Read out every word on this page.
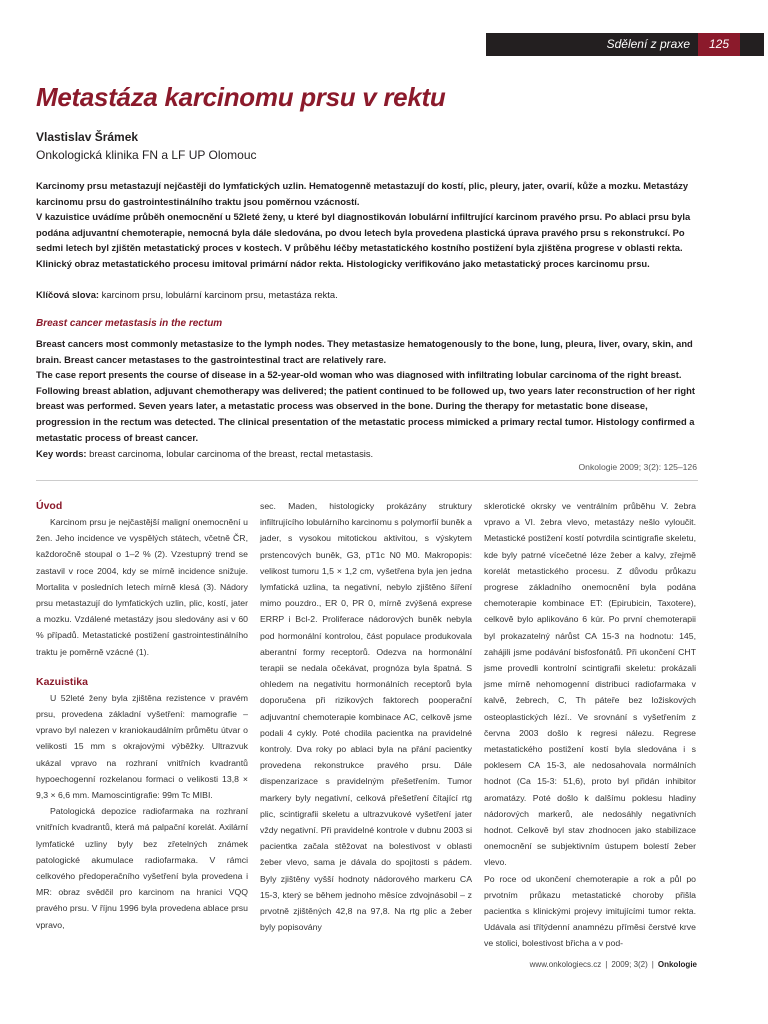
Sdělení z praxe	125
Metastáza karcinomu prsu v rektu
Vlastislav Šrámek
Onkologická klinika FN a LF UP Olomouc

Karcinomy prsu metastazují nejčastěji do lymfatických uzlin. Hematogenně metastazují do kostí, plic, pleury, jater, ovarií, kůže a mozku. Metastázy karcinomu prsu do gastrointestinálního traktu jsou poměrnou vzácností.

V kazuistice uvádíme průběh onemocnění u 52leté ženy, u které byl diagnostikován lobulární infiltrující karcinom pravého prsu. Po ablaci prsu byla podána adjuvantní chemoterapie, nemocná byla dále sledována, po dvou letech byla provedena plastická úprava pravého prsu s rekonstrukcí. Po sedmi letech byl zjištěn metastatický proces v kostech. V průběhu léčby metastatického kostního postižení byla zjištěna progrese v oblasti rekta. Klinický obraz metastatického procesu imitoval primární nádor rekta. Histologicky verifikováno jako metastatický proces karcinomu prsu.

Klíčová slova: karcinom prsu, lobulární karcinom prsu, metastáza rekta.

Breast cancer metastasis in the rectum

Breast cancers most commonly metastasize to the lymph nodes. They metastasize hematogenously to the bone, lung, pleura, liver, ovary, skin, and brain. Breast cancer metastases to the gastrointestinal tract are relatively rare.

The case report presents the course of disease in a 52-year-old woman who was diagnosed with infiltrating lobular carcinoma of the right breast. Following breast ablation, adjuvant chemotherapy was delivered; the patient continued to be followed up, two years later reconstruction of her right breast was performed. Seven years later, a metastatic process was observed in the bone. During the therapy for metastatic bone disease, progression in the rectum was detected. The clinical presentation of the metastatic process mimicked a primary rectal tumor. Histology confirmed a metastatic process of breast cancer.

Key words: breast carcinoma, lobular carcinoma of the breast, rectal metastasis.

Onkologie 2009; 3(2): 125–126
Úvod

Karcinom prsu je nejčastější maligní onemocnění u žen. Jeho incidence ve vyspělých státech, včetně ČR, každoročně stoupal o 1–2 % (2). Vzestupný trend se zastavil v roce 2004, kdy se mírně incidence snižuje. Mortalita v posledních letech mírně klesá (3). Nádory prsu metastazují do lymfatických uzlin, plic, kostí, jater a mozku. Vzdálené metastázy jsou sledovány asi v 60 % případů. Metastatické postižení gastrointestinálního traktu je poměrně vzácné (1).

Kazuistika

U 52leté ženy byla zjištěna rezistence v pravém prsu, provedena základní vyšetření: mamografie – vpravo byl nalezen v kraniokaudálním průmětu útvar o velikosti 15 mm s okrajovými výběžky. Ultrazvuk ukázal vpravo na rozhraní vnitřních kvadrantů hypoechogenní rozkelanou formaci o velikosti 13,8 × 9,3 × 6,6 mm. Mamoscintigrafie: 99m Tc MIBI.

Patologická depozice radiofarmaka na rozhraní vnitřních kvadrantů, která má palpační korelát. Axilární lymfatické uzliny byly bez zřetelných známek patologické akumulace radiofarmaka. V rámci celkového předoperačního vyšetření byla provedena i MR: obraz svědčil pro karcinom na hranici VQQ pravého prsu. V říjnu 1996 byla provedena ablace prsu vpravo,

sec. Maden, histologicky prokázány struktury infiltrujícího lobulárního karcinomu s polymorfií buněk a jader, s vysokou mitotickou aktivitou, s výskytem prstencových buněk, G3, pT1c N0 M0. Makropopis: velikost tumoru 1,5 × 1,2 cm, vyšetřena byla jen jedna lymfatická uzlina, ta negativní, nebylo zjištěno šíření mimo pouzdro., ER 0, PR 0, mírně zvýšená exprese ERRP i Bcl-2. Proliferace nádorových buněk nebyla pod hormonální kontrolou, část populace produkovala aberantní formy receptorů. Odezva na hormonální terapii se nedala očekávat, prognóza byla špatná. S ohledem na negativitu hormonálních receptorů byla doporučena při rizikových faktorech pooperační adjuvantní chemoterapie kombinace AC, celkově jsme podali 4 cykly. Poté chodila pacientka na pravidelné kontroly. Dva roky po ablaci byla na přání pacientky provedena rekonstrukce pravého prsu. Dále dispenzarizace s pravidelným přešetřením. Tumor markery byly negativní, celková přešetření čítající rtg plic, scintigrafii skeletu a ultrazvukové vyšetření jater vždy negativní. Při pravidelné kontrole v dubnu 2003 si pacientka začala stěžovat na bolestivost v oblasti žeber vlevo, sama je dávala do spojitosti s pádem. Byly zjištěny vyšší hodnoty nádorového markeru CA 15-3, který se během jednoho měsíce zdvojnásobil – z prvotně zjištěných 42,8 na 97,8. Na rtg plic a žeber byly popisovány

sklerotické okrsky ve ventrálním průběhu V. žebra vpravo a VI. žebra vlevo, metastázy nešlo vyloučit. Metastické postižení kostí potvrdila scintigrafie skeletu, kde byly patrné vícečetné léze žeber a kalvy, zřejmě korelát metastického procesu. Z důvodu průkazu progrese základního onemocnění byla podána chemoterapie kombinace ET: (Epirubicin, Taxotere), celkově bylo aplikováno 6 kúr. Po první chemoterapii byl prokazatelný nárůst CA 15-3 na hodnotu: 145, zahájili jsme podávání bisfosfonátů. Při ukončení CHT jsme provedli kontrolní scintigrafii skeletu: prokázali jsme mírně nehomogenní distribuci radiofarmaka v kalvě, žebrech, C, Th páteře bez ložiskových osteoplastických lézí.. Ve srovnání s vyšetřením z června 2003 došlo k regresi nálezu. Regrese metastatického postižení kostí byla sledována i s poklesem CA 15-3, ale nedosahovala normálních hodnot (Ca 15-3: 51,6), proto byl přidán inhibitor aromatázy. Poté došlo k dalšímu poklesu hladiny nádorových markerů, ale nedosáhly negativních hodnot. Celkově byl stav zhodnocen jako stabilizace onemocnění se subjektivním ústupem bolestí žeber vlevo.

Po roce od ukončení chemoterapie a rok a půl po prvotním průkazu metastatické choroby přišla pacientka s klinickými projevy imitujícími tumor rekta. Udávala asi třítýdenní anamnézu příměsi čerstvé krve ve stolici, bolestivost břicha a v pod-

www.onkologiecs.cz | 2009; 3(2) | Onkologie
